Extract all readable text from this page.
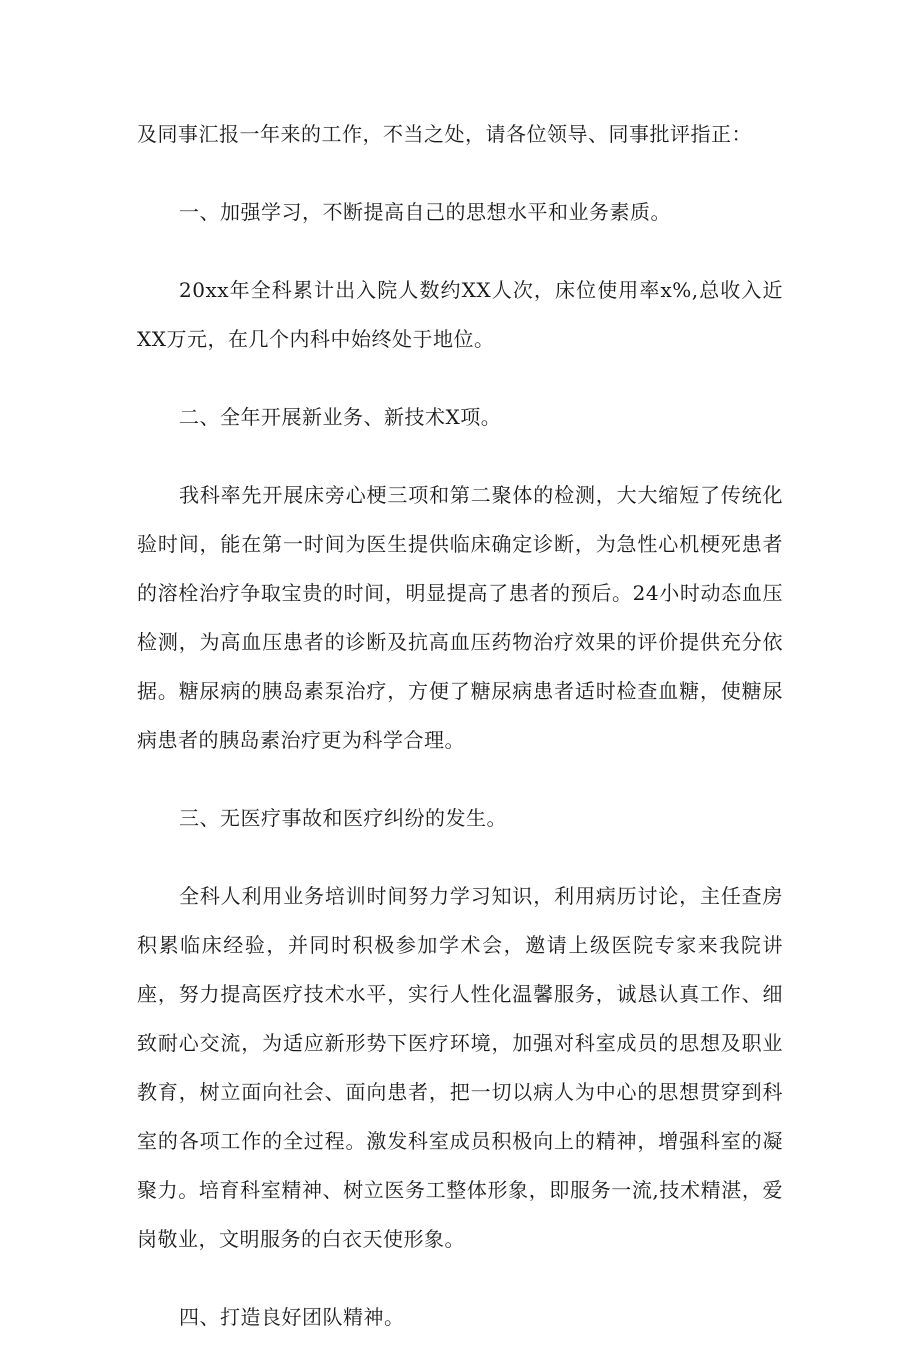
及同事汇报一年来的工作，不当之处，请各位领导、同事批评指正：

一、加强学习，不断提高自己的思想水平和业务素质。

20xx年全科累计出入院人数约XX人次，床位使用率x%,总收入近XX万元，在几个内科中始终处于地位。

二、全年开展新业务、新技术X项。

我科率先开展床旁心梗三项和第二聚体的检测，大大缩短了传统化验时间，能在第一时间为医生提供临床确定诊断，为急性心机梗死患者的溶栓治疗争取宝贵的时间，明显提高了患者的预后。24小时动态血压检测，为高血压患者的诊断及抗高血压药物治疗效果的评价提供充分依据。糖尿病的胰岛素泵治疗，方便了糖尿病患者适时检查血糖，使糖尿病患者的胰岛素治疗更为科学合理。

三、无医疗事故和医疗纠纷的发生。

全科人利用业务培训时间努力学习知识，利用病历讨论，主任查房积累临床经验，并同时积极参加学术会，邀请上级医院专家来我院讲座，努力提高医疗技术水平，实行人性化温馨服务，诚恳认真工作、细致耐心交流，为适应新形势下医疗环境，加强对科室成员的思想及职业教育，树立面向社会、面向患者，把一切以病人为中心的思想贯穿到科室的各项工作的全过程。激发科室成员积极向上的精神，增强科室的凝聚力。培育科室精神、树立医务工整体形象，即服务一流,技术精湛，爱岗敬业，文明服务的白衣天使形象。

四、打造良好团队精神。
